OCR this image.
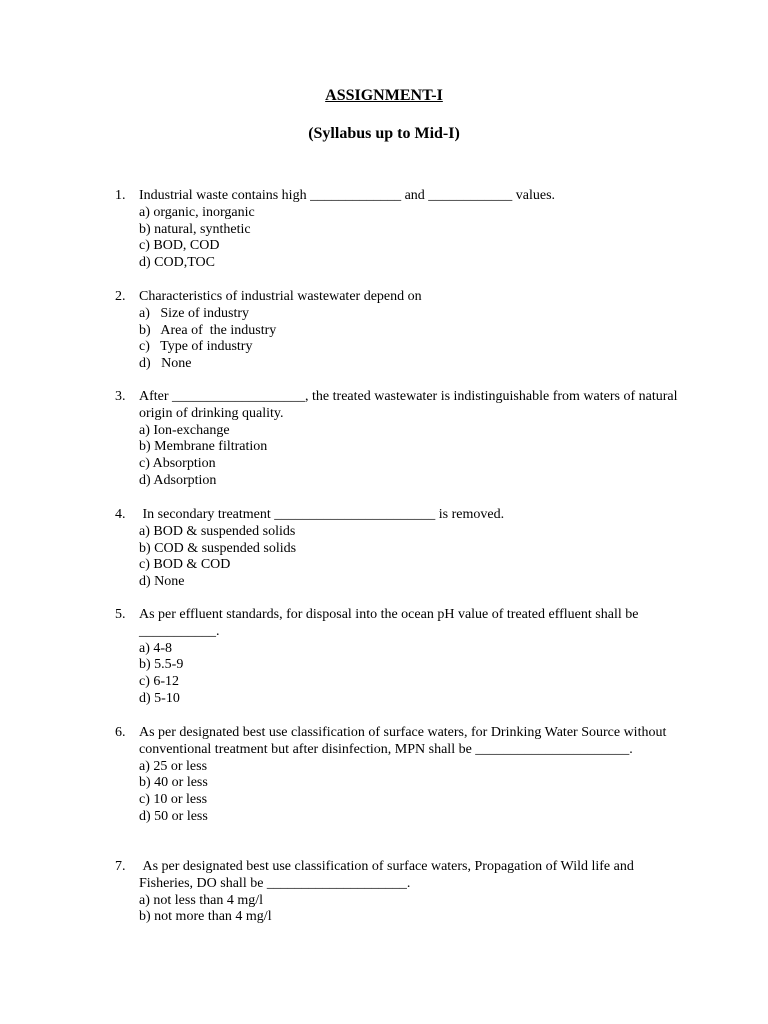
ASSIGNMENT-I
(Syllabus up to Mid-I)
1. Industrial waste contains high _____________ and ____________ values.
a) organic, inorganic
b) natural, synthetic
c) BOD, COD
d) COD,TOC
2. Characteristics of industrial wastewater depend on
a)   Size of industry
b)   Area of  the industry
c)   Type of industry
d)   None
3. After ___________________, the treated wastewater is indistinguishable from waters of natural origin of drinking quality.
a) Ion-exchange
b) Membrane filtration
c) Absorption
d) Adsorption
4. In secondary treatment _______________________ is removed.
a) BOD & suspended solids
b) COD & suspended solids
c) BOD & COD
d) None
5. As per effluent standards, for disposal into the ocean pH value of treated effluent shall be ___________.
a) 4-8
b) 5.5-9
c) 6-12
d) 5-10
6. As per designated best use classification of surface waters, for Drinking Water Source without conventional treatment but after disinfection, MPN shall be ______________________.
a) 25 or less
b) 40 or less
c) 10 or less
d) 50 or less
7. As per designated best use classification of surface waters, Propagation of Wild life and Fisheries, DO shall be ____________________.
a) not less than 4 mg/l
b) not more than 4 mg/l
